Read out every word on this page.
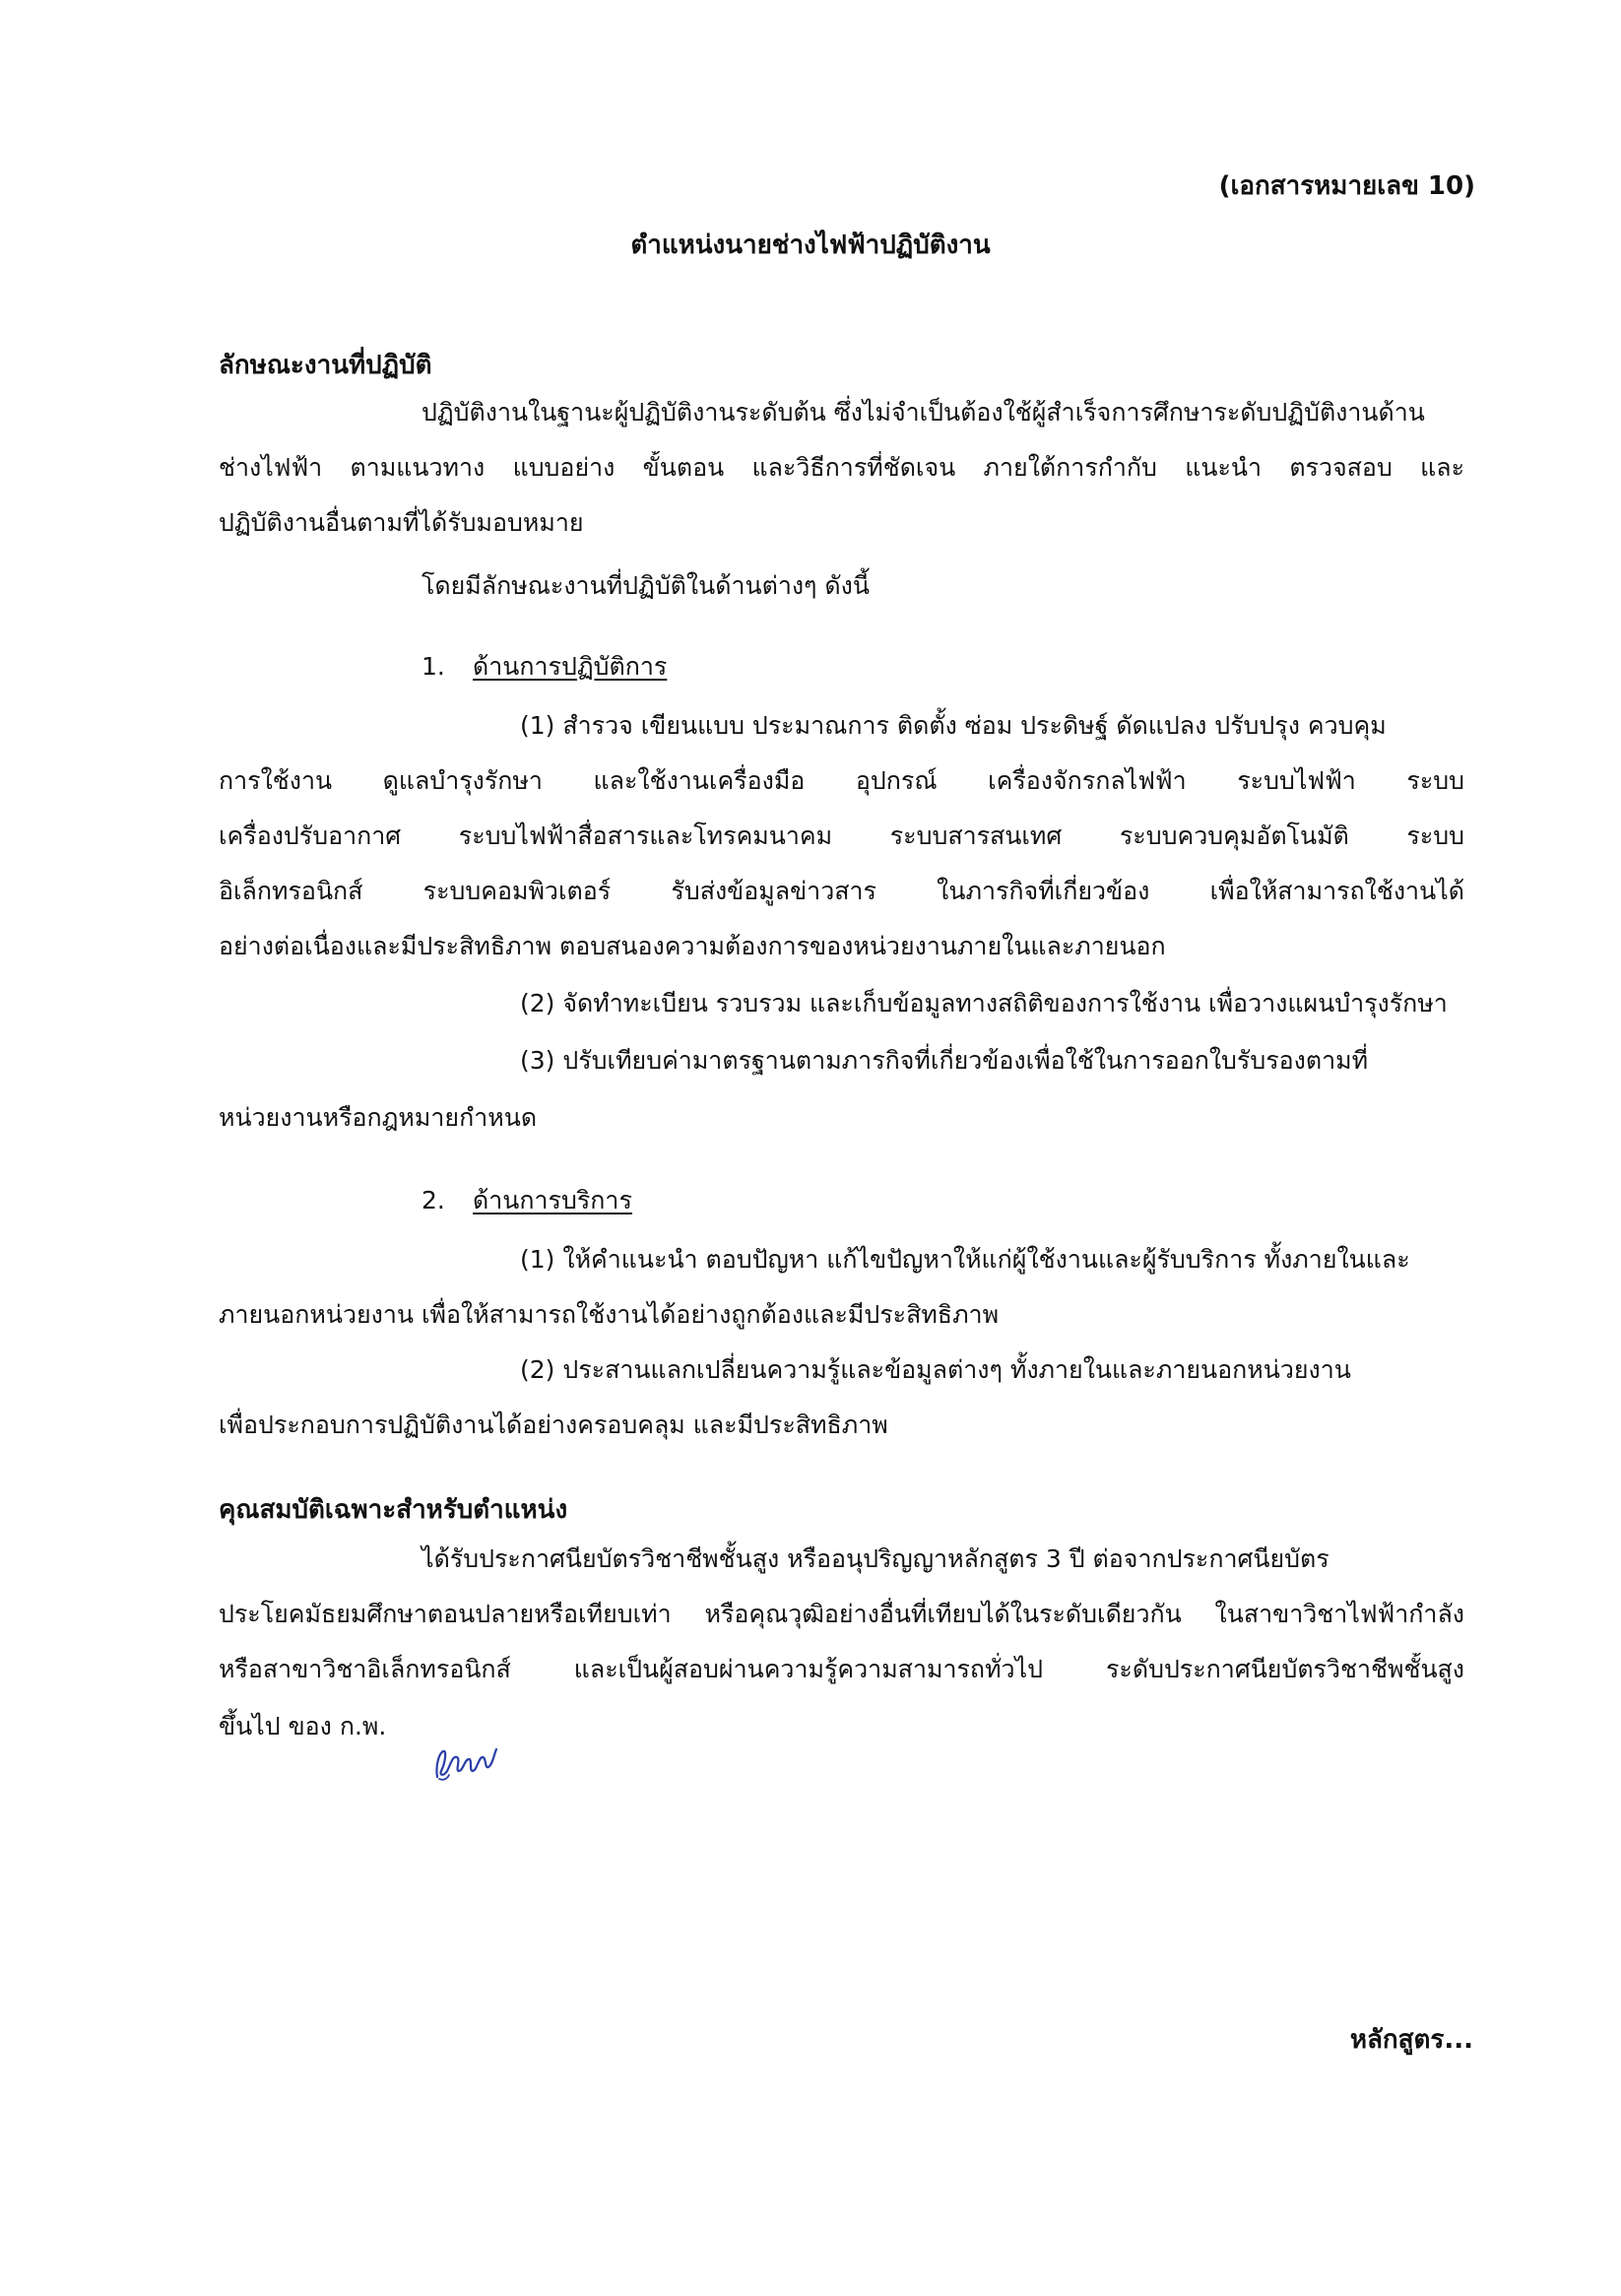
(เอกสารหมายเลข 10)
ตำแหน่งนายช่างไฟฟ้าปฏิบัติงาน
ลักษณะงานที่ปฏิบัติ
ปฏิบัติงานในฐานะผู้ปฏิบัติงานระดับต้น ซึ่งไม่จำเป็นต้องใช้ผู้สำเร็จการศึกษาระดับปฏิบัติงานด้าน
ช่างไฟฟ้า ตามแนวทาง แบบอย่าง ขั้นตอน และวิธีการที่ชัดเจน ภายใต้การกำกับ แนะนำ ตรวจสอบ และ
ปฏิบัติงานอื่นตามที่ได้รับมอบหมาย
โดยมีลักษณะงานที่ปฏิบัติในด้านต่างๆ ดังนี้
1. ด้านการปฏิบัติการ
(1) สำรวจ เขียนแบบ ประมาณการ ติดตั้ง ซ่อม ประดิษฐ์ ดัดแปลง ปรับปรุง ควบคุม
การใช้งาน ดูแลบำรุงรักษา และใช้งานเครื่องมือ อุปกรณ์ เครื่องจักรกลไฟฟ้า ระบบไฟฟ้า ระบบ
เครื่องปรับอากาศ ระบบไฟฟ้าสื่อสารและโทรคมนาคม ระบบสารสนเทศ ระบบควบคุมอัตโนมัติ ระบบ
อิเล็กทรอนิกส์ ระบบคอมพิวเตอร์ รับส่งข้อมูลข่าวสาร ในภารกิจที่เกี่ยวข้อง เพื่อให้สามารถใช้งานได้
อย่างต่อเนื่องและมีประสิทธิภาพ ตอบสนองความต้องการของหน่วยงานภายในและภายนอก
(2) จัดทำทะเบียน รวบรวม และเก็บข้อมูลทางสถิติของการใช้งาน เพื่อวางแผนบำรุงรักษา
(3) ปรับเทียบค่ามาตรฐานตามภารกิจที่เกี่ยวข้องเพื่อใช้ในการออกใบรับรองตามที่
หน่วยงานหรือกฎหมายกำหนด
2. ด้านการบริการ
(1) ให้คำแนะนำ ตอบปัญหา แก้ไขปัญหาให้แก่ผู้ใช้งานและผู้รับบริการ ทั้งภายในและ
ภายนอกหน่วยงาน เพื่อให้สามารถใช้งานได้อย่างถูกต้องและมีประสิทธิภาพ
(2) ประสานแลกเปลี่ยนความรู้และข้อมูลต่างๆ ทั้งภายในและภายนอกหน่วยงาน
เพื่อประกอบการปฏิบัติงานได้อย่างครอบคลุม และมีประสิทธิภาพ
คุณสมบัติเฉพาะสำหรับตำแหน่ง
ได้รับประกาศนียบัตรวิชาชีพชั้นสูง หรืออนุปริญญาหลักสูตร 3 ปี ต่อจากประกาศนียบัตร
ประโยคมัธยมศึกษาตอนปลายหรือเทียบเท่า หรือคุณวุฒิอย่างอื่นที่เทียบได้ในระดับเดียวกัน ในสาขาวิชาไฟฟ้ากำลัง
หรือสาขาวิชาอิเล็กทรอนิกส์ และเป็นผู้สอบผ่านความรู้ความสามารถทั่วไป ระดับประกาศนียบัตรวิชาชีพชั้นสูง
ขึ้นไป ของ ก.พ.
หลักสูตร...
